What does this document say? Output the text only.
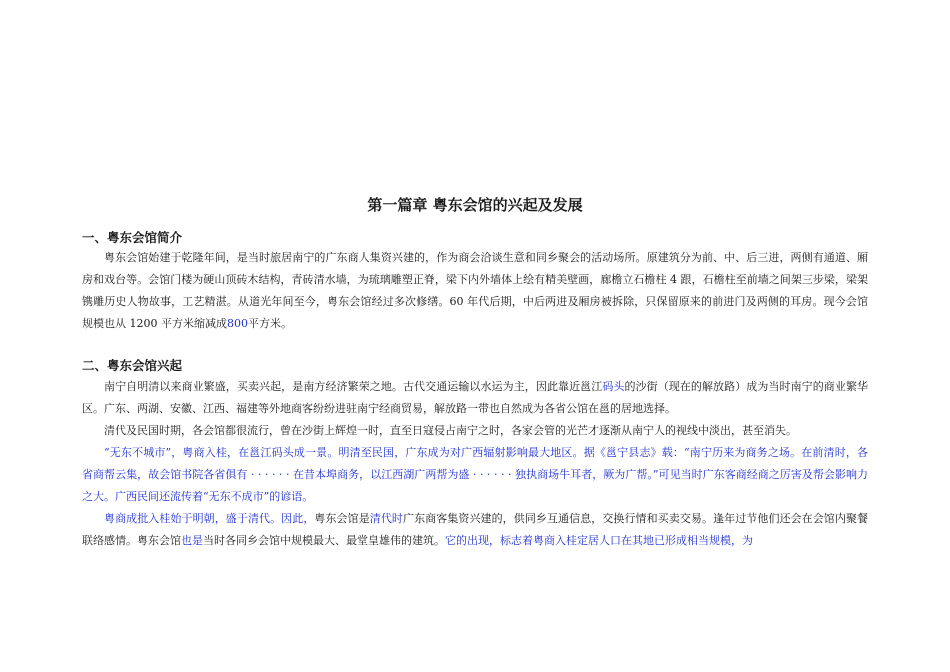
第一篇章 粤东会馆的兴起及发展
一、粤东会馆简介

粤东会馆始建于乾隆年间，是当时旅居南宁的广东商人集资兴建的，作为商会洽谈生意和同乡聚会的活动场所。原建筑分为前、中、后三进，两侧有通道、厢房和戏台等。会馆门楼为硬山顶砖木结构，青砖清水墙，为琉璃雕塑正脊，梁下内外墙体上绘有精美壁画，廊檐立石檐柱 4 跟，石檐柱至前墙之间架三步梁，梁架镌雕历史人物故事，工艺精湛。从道光年间至今，粤东会馆经过多次修缮。60 年代后期，中后两进及厢房被拆除，只保留原来的前进门及两侧的耳房。现今会馆规模也从 1200 平方米缩减成800平方米。

二、粤东会馆兴起

南宁自明清以来商业繁盛，买卖兴起，是南方经济繁荣之地。古代交通运输以水运为主，因此靠近邕江码头的沙街（现在的解放路）成为当时南宁的商业繁华区。广东、两湖、安徽、江西、福建等外地商客纷纷进驻南宁经商贸易，解放路一带也自然成为各省公馆在邕的居地选择。

清代及民国时期，各会馆都很流行，曾在沙街上辉煌一时，直至日寇侵占南宁之时，各家会管的光芒才逐渐从南宁人的视线中淡出，甚至消失。

“无东不城市”，粤商入桂，在邕江码头成一景。明清至民国，广东成为对广西辐射影响最大地区。据《邕宁县志》载：“南宁历来为商务之场。在前清时，各省商帮云集，故会馆书院各省俱有 · · · · · · 在昔本埠商务，以江西湖广两帮为盛 · · · · · · 独执商场牛耳者，厥为广帮。”可见当时广东客商经商之厉害及帮会影响力之大。广西民间还流传着“无东不成市”的谚语。

粤商成批入桂始于明朝，盛于清代。因此，粤东会馆是清代时广东商客集资兴建的，供同乡互通信息，交换行情和买卖交易。逢年过节他们还会在会馆内聚餐联络感情。粤东会馆也是当时各同乡会馆中规模最大、最堂皇雄伟的建筑。它的出现，标志着粤商入桂定居人口在其地已形成相当规模，为
